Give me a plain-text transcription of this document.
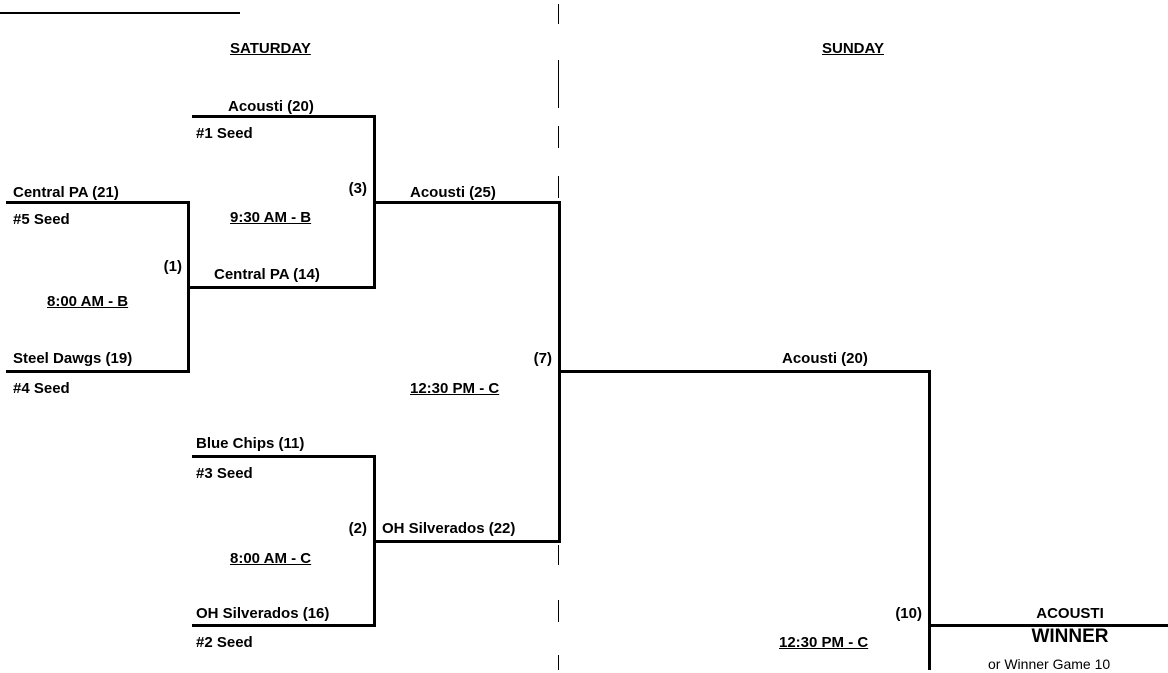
SATURDAY	SUNDAY
Acousti (20)
#1 Seed
Central PA (21)
#5 Seed
(1)
8:00 AM - B
Steel Dawgs (19)
#4 Seed
Central PA (14)
(3)
9:30 AM - B
Acousti (25)
Blue Chips (11)
#3 Seed
(2)
8:00 AM - C
OH Silverados (16)
#2 Seed
OH Silverados (22)
(7)
12:30 PM - C
Acousti (20)
(10)
12:30 PM - C
ACOUSTI
WINNER
or Winner Game 10
